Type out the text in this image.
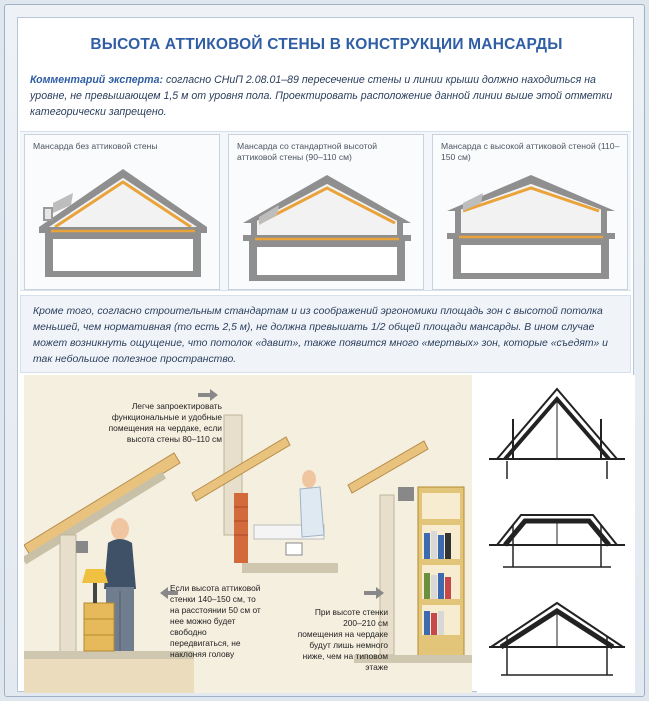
ВЫСОТА АТТИКОВОЙ СТЕНЫ В КОНСТРУКЦИИ МАНСАРДЫ
Комментарий эксперта: согласно СНиП 2.08.01–89 пересечение стены и линии крыши должно находиться на уровне, не превышающем 1,5 м от уровня пола. Проектировать расположение данной линии выше этой отметки категорически запрещено.
Мансарда без аттиковой стены	Мансарда со стандартной высотой аттиковой стены (90–110 см)
Мансарда с высокой аттиковой стеной (110–150 см)
Кроме того, согласно строительным стандартам и из соображений эргономики площадь зон с высотой потолка меньшей, чем нормативная (то есть 2,5 м), не должна превышать 1/2 общей площади мансарды. В ином случае может возникнуть ощущение, что потолок «давит», также появится много «мертвых» зон, которые «съедят» и так небольшое полезное пространство.
Легче запроектировать функциональные и удобные помещения на чердаке, если высота стены 80–110 см
Если высота аттиковой стенки 140–150 см, то на расстоянии 50 см от нее можно будет свободно передвигаться, не наклоняя голову
При высоте стенки 200–210 см помещения на чердаке будут лишь немного ниже, чем на типовом этаже
